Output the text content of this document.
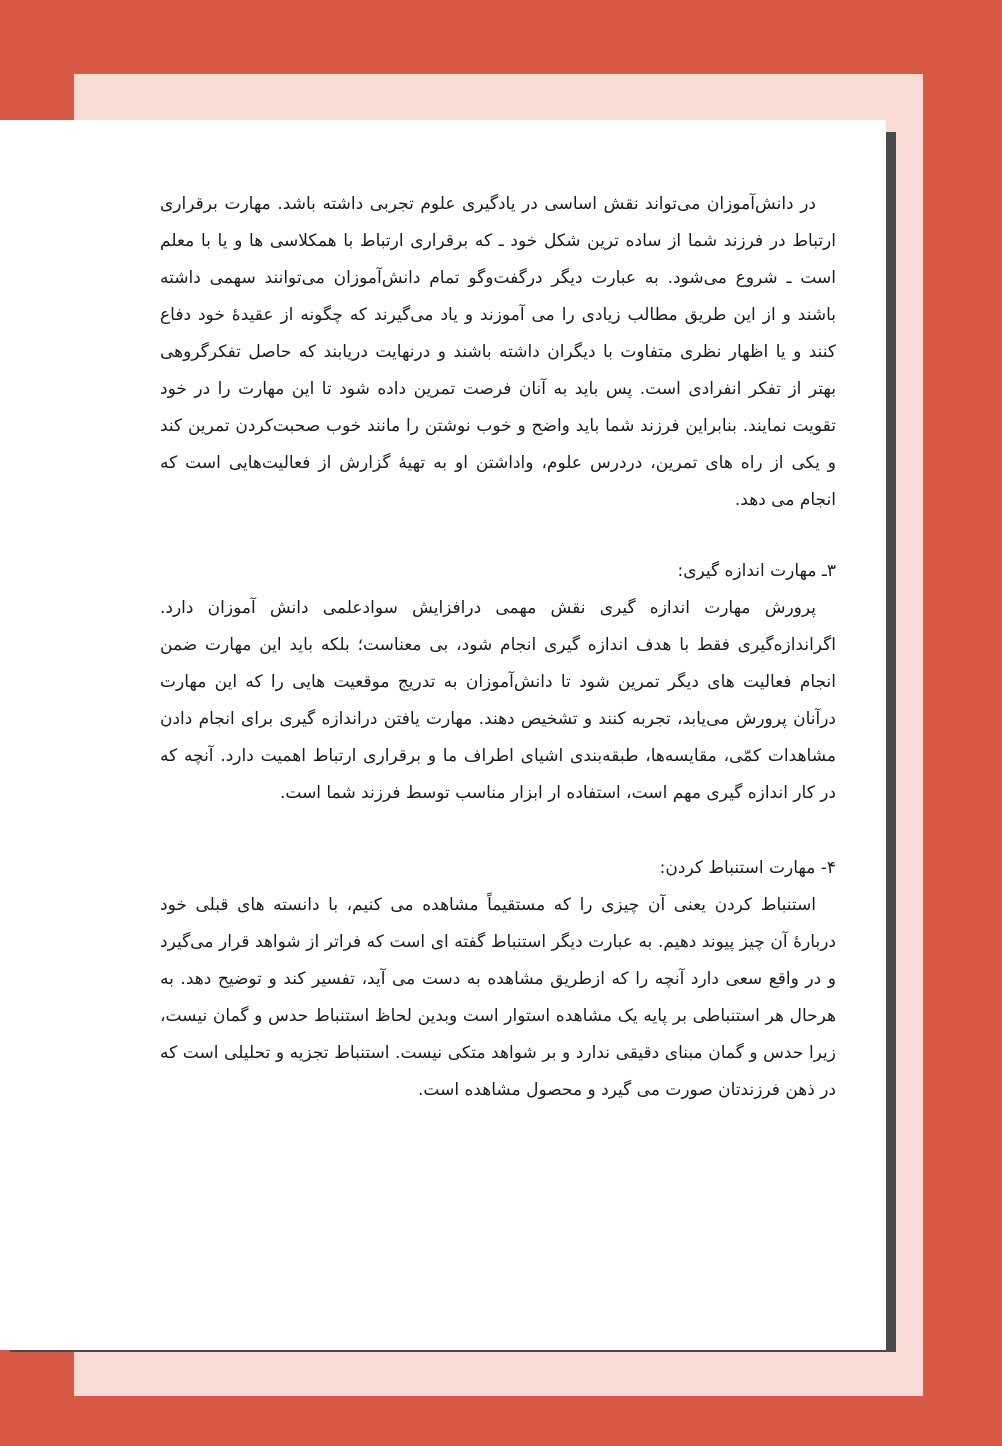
در دانش‌آموزان می‌تواند نقش اساسی در یادگیری علوم تجربی داشته باشد. مهارت برقراری ارتباط در فرزند شما از ساده ترین شکل خود ـ که برقراری ارتباط با همکلاسی ها و یا با معلم است ـ شروع می‌شود. به عبارت دیگر درگفت‌وگو تمام دانش‌آموزان می‌توانند سهمی داشته باشند و از این طریق مطالب زیادی را می آموزند و یاد می‌گیرند که چگونه از عقیدهٔ خود دفاع کنند و یا اظهار نظری متفاوت با دیگران داشته باشند و درنهایت دریابند که حاصل تفکرگروهی بهتر از تفکر انفرادی است. پس باید به آنان فرصت تمرین داده شود تا این مهارت را در خود تقویت نمایند. بنابراین فرزند شما باید واضح و خوب نوشتن را مانند خوب صحبت‌کردن تمرین کند و یکی از راه های تمرین، دردرس علوم، واداشتن او به تهیهٔ گزارش از فعالیت‌هایی است که انجام می دهد.

۳ـ مهارت اندازه گیری:

پرورش مهارت اندازه گیری نقش مهمی درافزایش سوادعلمی دانش آموزان دارد. اگراندازه‌گیری فقط با هدف اندازه گیری انجام شود، بی معناست؛ بلکه باید این مهارت ضمن انجام فعالیت های دیگر تمرین شود تا دانش‌آموزان به تدریج موقعیت هایی را که این مهارت درآنان پرورش می‌یابد، تجربه کنند و تشخیص دهند. مهارت یافتن دراندازه گیری برای انجام دادن مشاهدات کمّی، مقایسه‌ها، طبقه‌بندی اشیای اطراف ما و برقراری ارتباط اهمیت دارد. آنچه که در کار اندازه گیری مهم است، استفاده ار ابزار مناسب توسط فرزند شما است.

۴- مهارت استنباط کردن:

استنباط کردن یعنی آن چیزی را که مستقیماً مشاهده می کنیم، با دانسته های قبلی خود دربارهٔ آن چیز پیوند دهیم. به عبارت دیگر استنباط گفته ای است که فراتر از شواهد قرار می‌گیرد و در واقع سعی دارد آنچه را که ازطریق مشاهده به دست می آید، تفسیر کند و توضیح دهد. به هرحال هر استنباطی بر پایه یک مشاهده استوار است وبدین لحاظ استنباط حدس و گمان نیست، زیرا حدس و گمان مبنای دقیقی ندارد و بر شواهد متکی نیست. استنباط تجزیه و تحلیلی است که در ذهن فرزندتان صورت می گیرد و محصول مشاهده است.
